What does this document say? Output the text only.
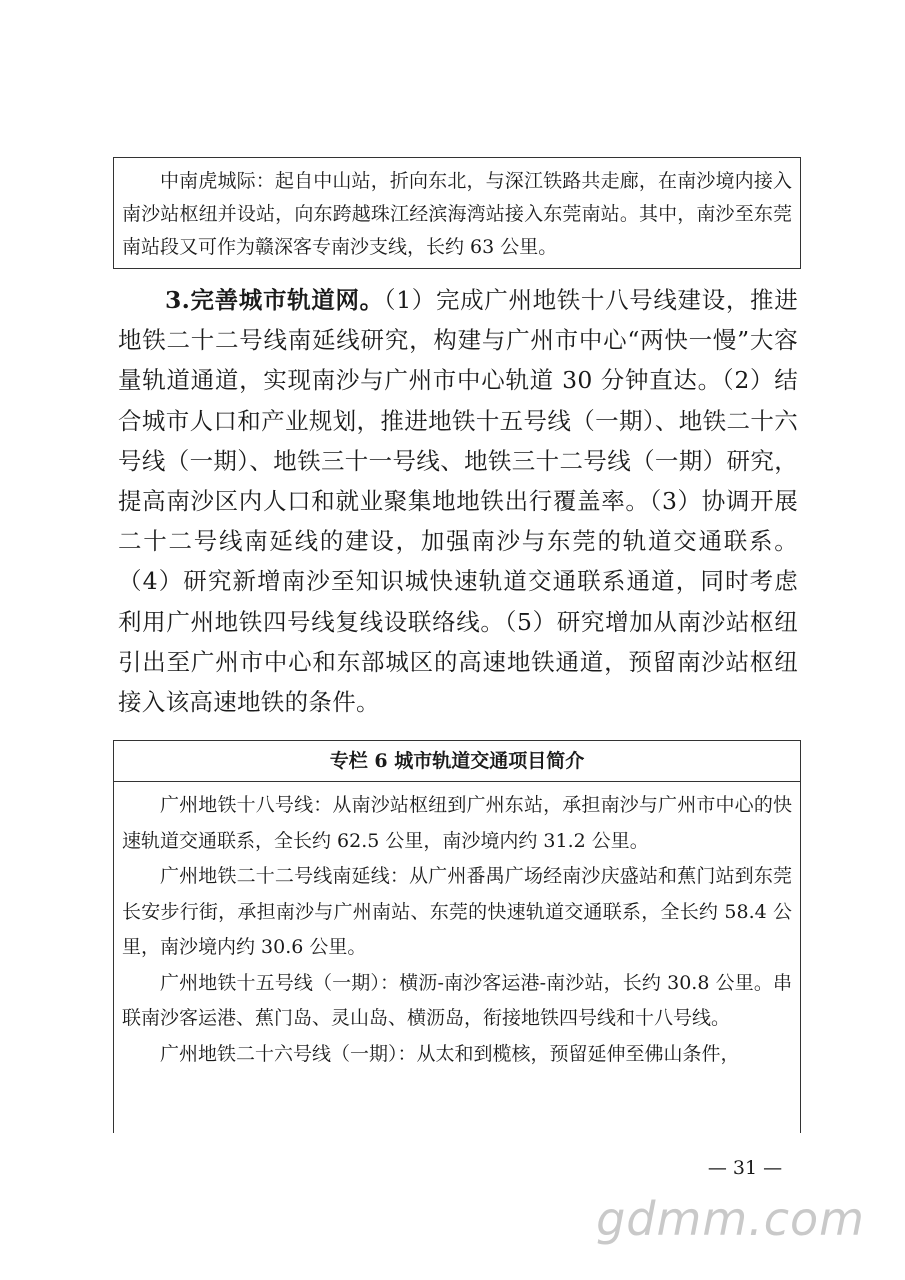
中南虎城际：起自中山站，折向东北，与深江铁路共走廊，在南沙境内接入南沙站枢纽并设站，向东跨越珠江经滨海湾站接入东莞南站。其中，南沙至东莞南站段又可作为赣深客专南沙支线，长约 63 公里。

3.完善城市轨道网。（1）完成广州地铁十八号线建设，推进地铁二十二号线南延线研究，构建与广州市中心“两快一慢”大容量轨道通道，实现南沙与广州市中心轨道 30 分钟直达。（2）结合城市人口和产业规划，推进地铁十五号线（一期）、地铁二十六号线（一期）、地铁三十一号线、地铁三十二号线（一期）研究，提高南沙区内人口和就业聚集地地铁出行覆盖率。（3）协调开展二十二号线南延线的建设，加强南沙与东莞的轨道交通联系。（4）研究新增南沙至知识城快速轨道交通联系通道，同时考虑利用广州地铁四号线复线设联络线。（5）研究增加从南沙站枢纽引出至广州市中心和东部城区的高速地铁通道，预留南沙站枢纽接入该高速地铁的条件。

专栏 6 城市轨道交通项目简介

广州地铁十八号线：从南沙站枢纽到广州东站，承担南沙与广州市中心的快速轨道交通联系，全长约 62.5 公里，南沙境内约 31.2 公里。

广州地铁二十二号线南延线：从广州番禺广场经南沙庆盛站和蕉门站到东莞长安步行街，承担南沙与广州南站、东莞的快速轨道交通联系，全长约 58.4 公里，南沙境内约 30.6 公里。

广州地铁十五号线（一期）：横沥-南沙客运港-南沙站，长约 30.8 公里。串联南沙客运港、蕉门岛、灵山岛、横沥岛，衔接地铁四号线和十八号线。

广州地铁二十六号线（一期）：从太和到榄核，预留延伸至佛山条件，

— 31 —
gdmm.com
